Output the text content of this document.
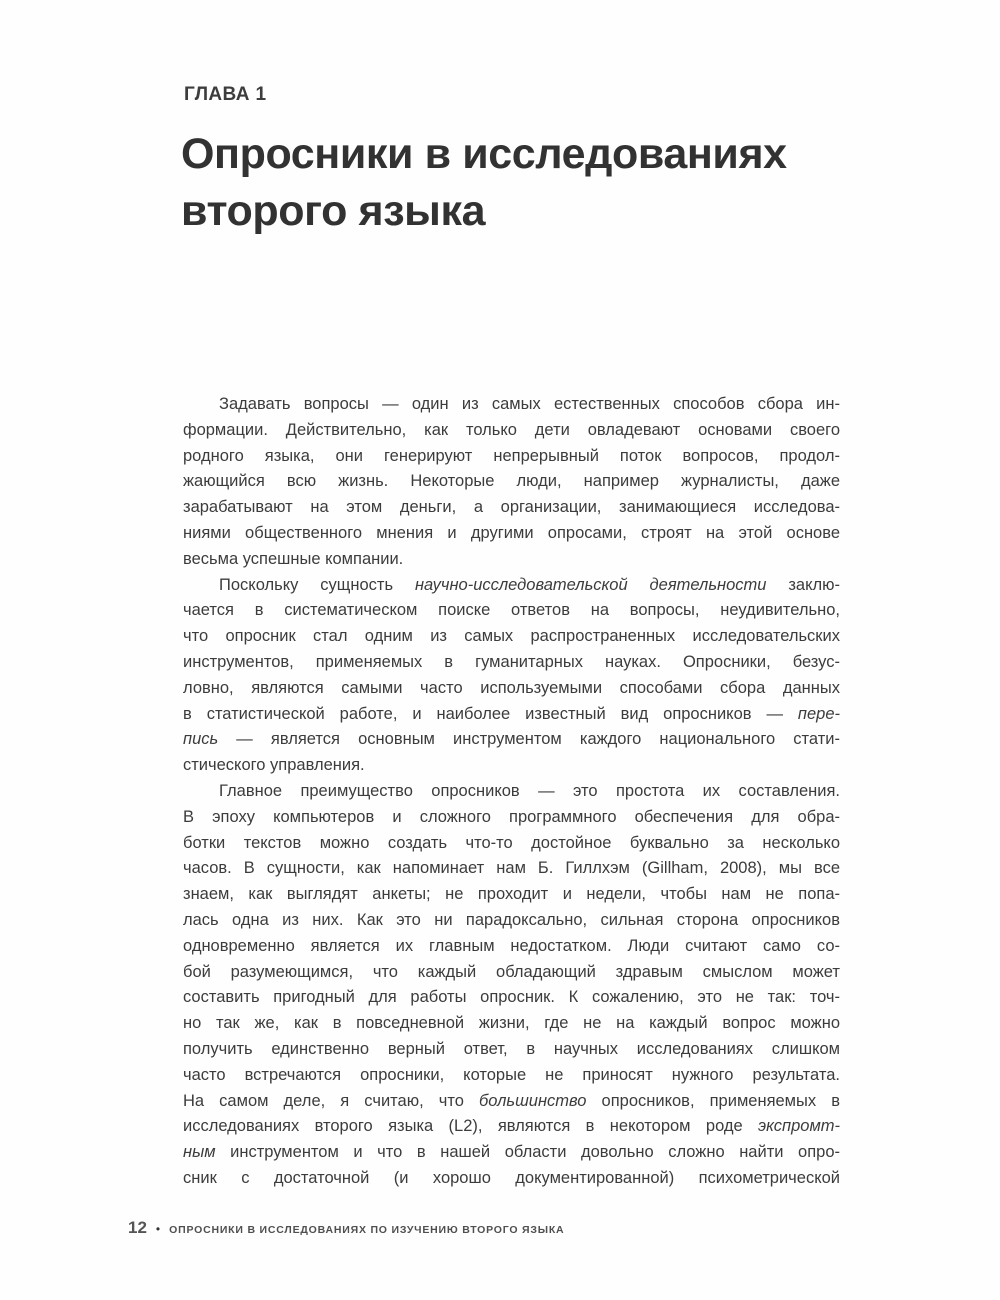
ГЛАВА 1
Опросники в исследованиях
второго языка
Задавать вопросы — один из самых естественных способов сбора ин-
формации. Действительно, как только дети овладевают основами своего
родного языка, они генерируют непрерывный поток вопросов, продол-
жающийся всю жизнь. Некоторые люди, например журналисты, даже
зарабатывают на этом деньги, а организации, занимающиеся исследова-
ниями общественного мнения и другими опросами, строят на этой основе
весьма успешные компании.
Поскольку сущность научно-исследовательской деятельности заклю-
чается в систематическом поиске ответов на вопросы, неудивительно,
что опросник стал одним из самых распространенных исследовательских
инструментов, применяемых в гуманитарных науках. Опросники, безус-
ловно, являются самыми часто используемыми способами сбора данных
в статистической работе, и наиболее известный вид опросников — пере-
пись — является основным инструментом каждого национального стати-
стического управления.
Главное преимущество опросников — это простота их составления.
В эпоху компьютеров и сложного программного обеспечения для обра-
ботки текстов можно создать что-то достойное буквально за несколько
часов. В сущности, как напоминает нам Б. Гиллхэм (Gillham, 2008), мы все
знаем, как выглядят анкеты; не проходит и недели, чтобы нам не попа-
лась одна из них. Как это ни парадоксально, сильная сторона опросников
одновременно является их главным недостатком. Люди считают само со-
бой разумеющимся, что каждый обладающий здравым смыслом может
составить пригодный для работы опросник. К сожалению, это не так: точ-
но так же, как в повседневной жизни, где не на каждый вопрос можно
получить единственно верный ответ, в научных исследованиях слишком
часто встречаются опросники, которые не приносят нужного результата.
На самом деле, я считаю, что большинство опросников, применяемых в
исследованиях второго языка (L2), являются в некотором роде экспромт-
ным инструментом и что в нашей области довольно сложно найти опро-
сник с достаточной (и хорошо документированной) психометрической
12 • ОПРОСНИКИ В ИССЛЕДОВАНИЯХ ПО ИЗУЧЕНИЮ ВТОРОГО ЯЗЫКА
